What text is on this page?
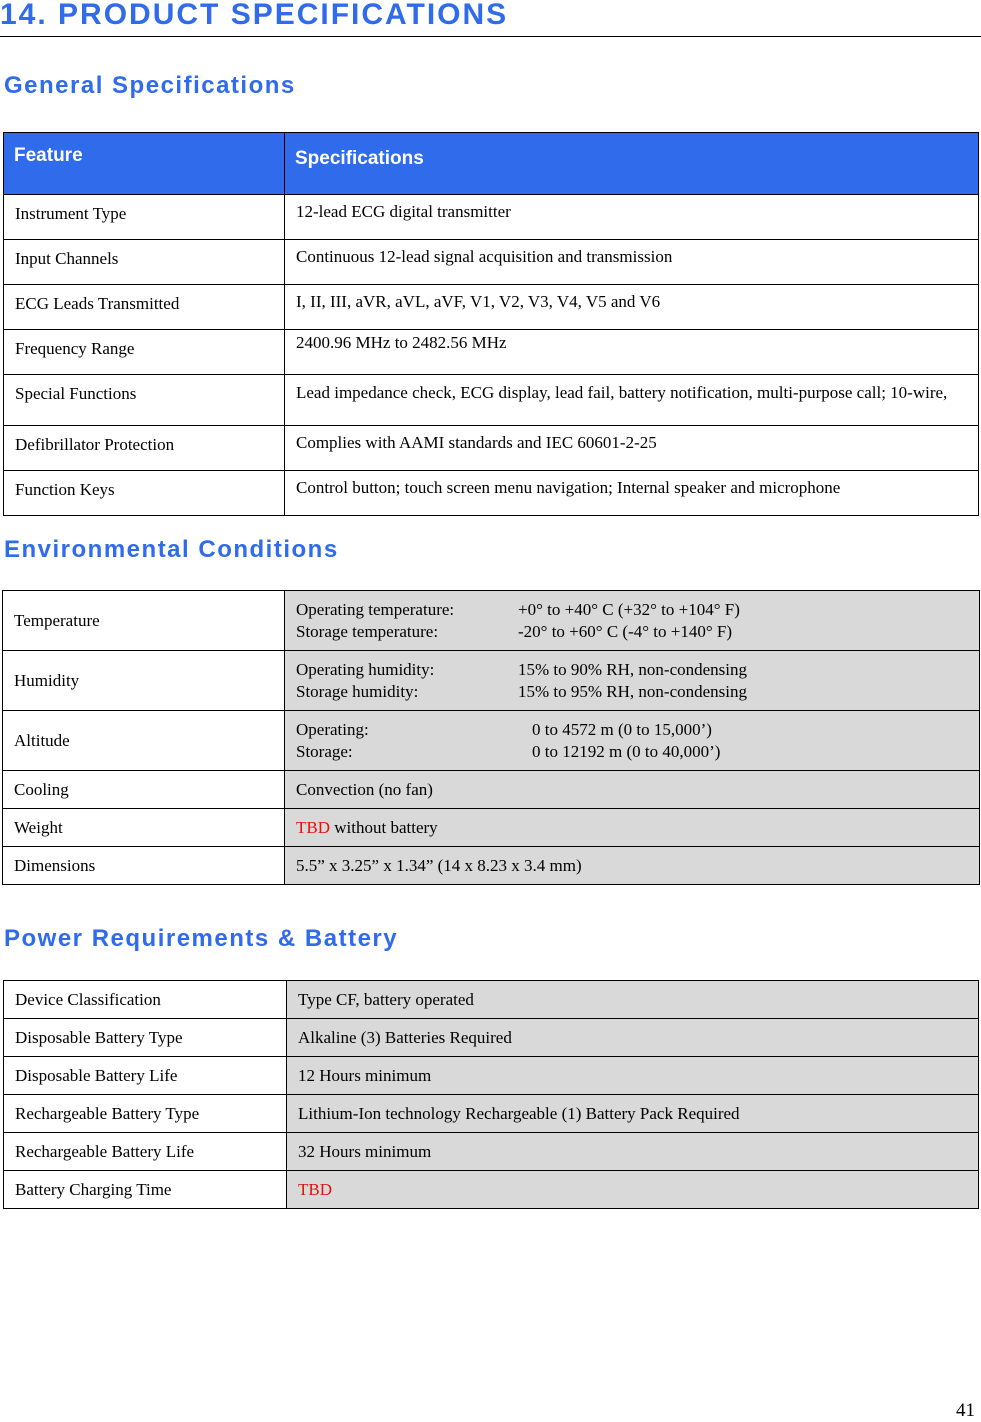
14. PRODUCT SPECIFICATIONS
General Specifications
Feature	Specifications
Instrument Type	12-lead ECG digital transmitter
Input Channels	Continuous 12-lead signal acquisition and transmission
ECG Leads Transmitted	I, II, III, aVR, aVL, aVF, V1, V2, V3, V4, V5 and V6
Frequency Range	2400.96 MHz to 2482.56 MHz
Special Functions	Lead impedance check, ECG display, lead fail, battery notification, multi-purpose call; 10-wire,
Defibrillator Protection	Complies with AAMI standards and IEC 60601-2-25
Function Keys	Control button; touch screen menu navigation; Internal speaker and microphone
Environmental Conditions
Temperature	Operating temperature: +0° to +40° C (+32° to +104° F)
Storage temperature: -20° to +60° C (-4° to +140° F)

Humidity	Operating humidity: 15% to 90% RH, non-condensing
Storage humidity: 15% to 95% RH, non-condensing

Altitude	Operating: 0 to 4572 m (0 to 15,000’)
Storage: 0 to 12192 m (0 to 40,000’)

Cooling	Convection (no fan)
Weight	TBD without battery
Dimensions	5.5” x 3.25” x 1.34” (14 x 8.23 x 3.4 mm)
Power Requirements & Battery
Device Classification	Type CF, battery operated
Disposable Battery Type	Alkaline (3) Batteries Required
Disposable Battery Life	12 Hours minimum
Rechargeable Battery Type	Lithium-Ion technology Rechargeable (1) Battery Pack Required
Rechargeable Battery Life	32 Hours minimum
Battery Charging Time	TBD
41
